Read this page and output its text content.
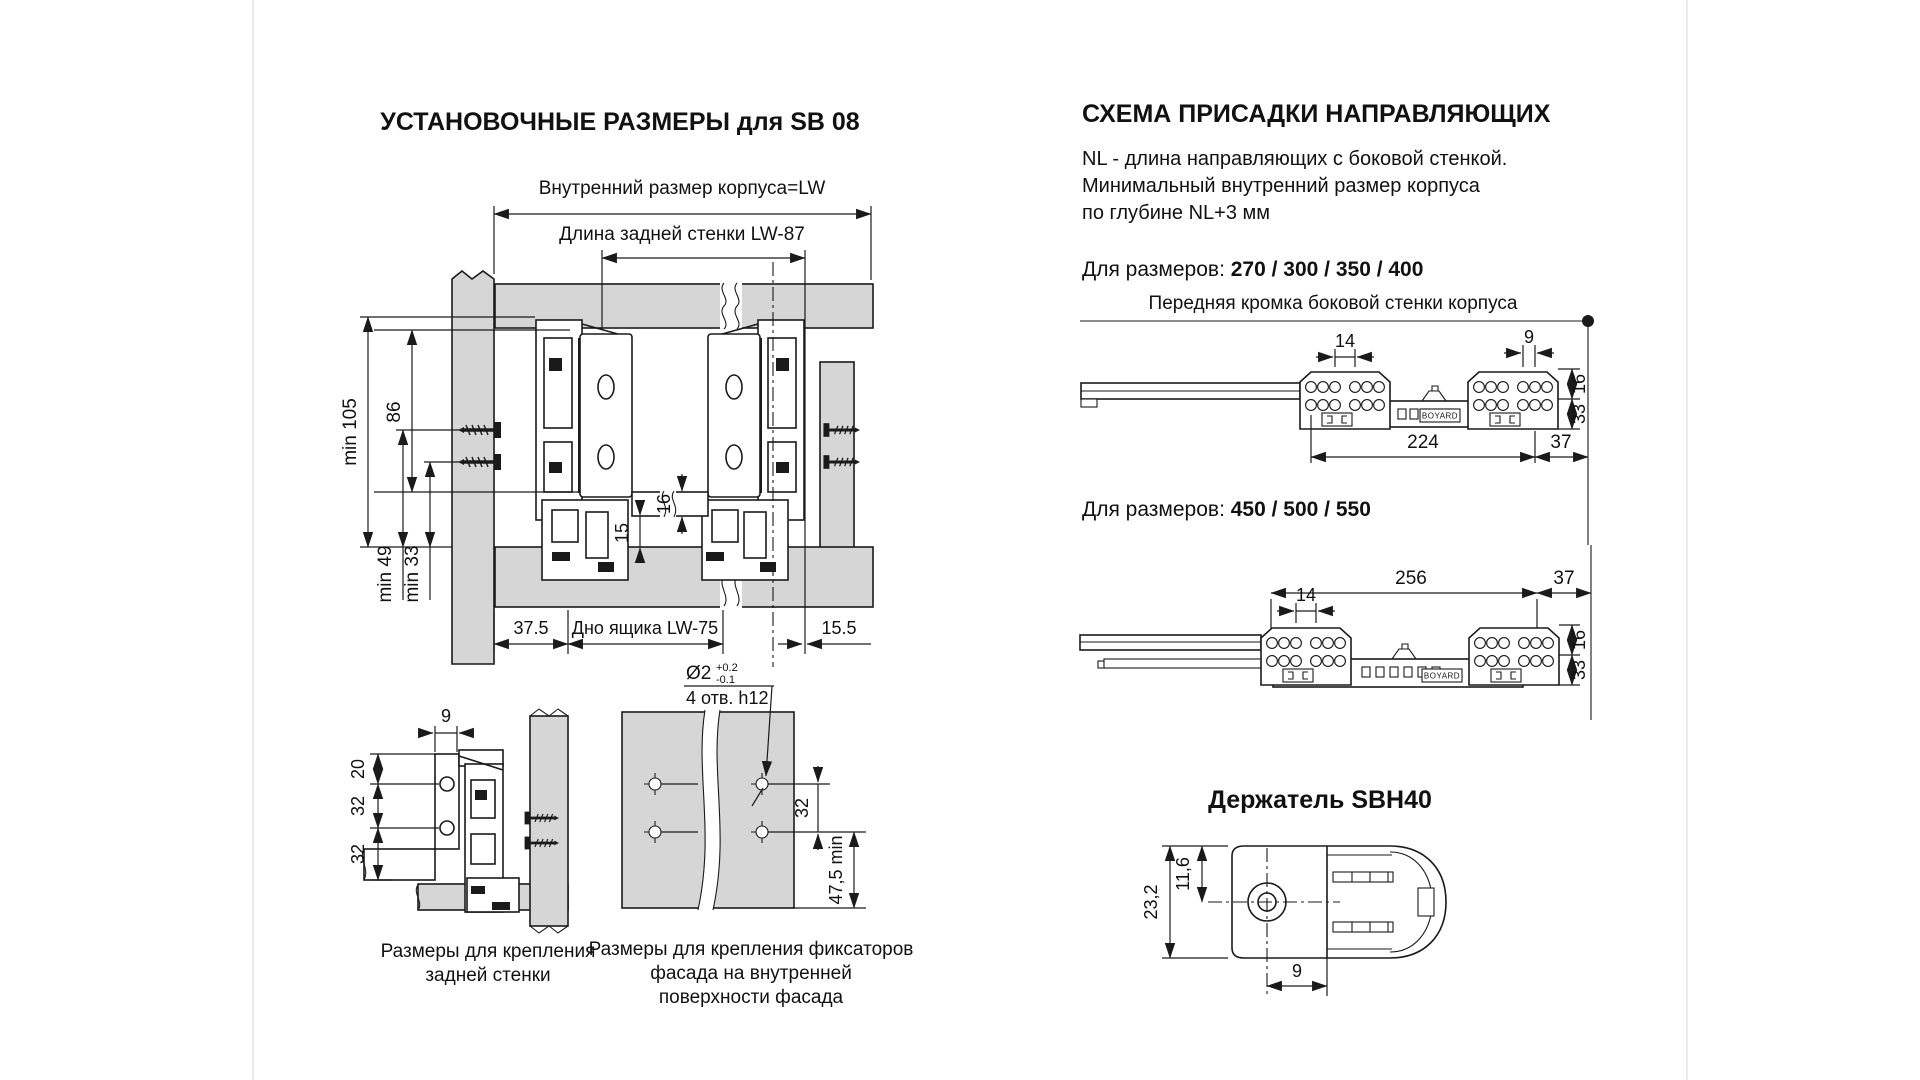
УСТАНОВОЧНЫЕ РАЗМЕРЫ для SB 08
Внутренний размер корпуса=LW
Длина задней стенки LW-87
min 105 86
min 49 min 33
15
16
37.5 Дно ящика LW-75	15.5
9
20
32
32
Размеры для крепления
задней стенки
Ø2 +0.2
-0.1
4 отв. h12
32
47,5 min
Размеры для крепления фиксаторов
фасада на внутренней
поверхности фасада
СХЕМА ПРИСАДКИ НАПРАВЛЯЮЩИХ
NL - длина направляющих с боковой стенкой.
Минимальный внутренний размер корпуса
по глубине NL+3 мм
Для размеров: 270 / 300 / 350 / 400
Передняя кромка боковой стенки корпуса
BOYARD
14	9
16
33
224	37
Для размеров: 450 / 500 / 550
256	37
BOYARD
14
16
33
Держатель SBH40
23,2
11,6
9
